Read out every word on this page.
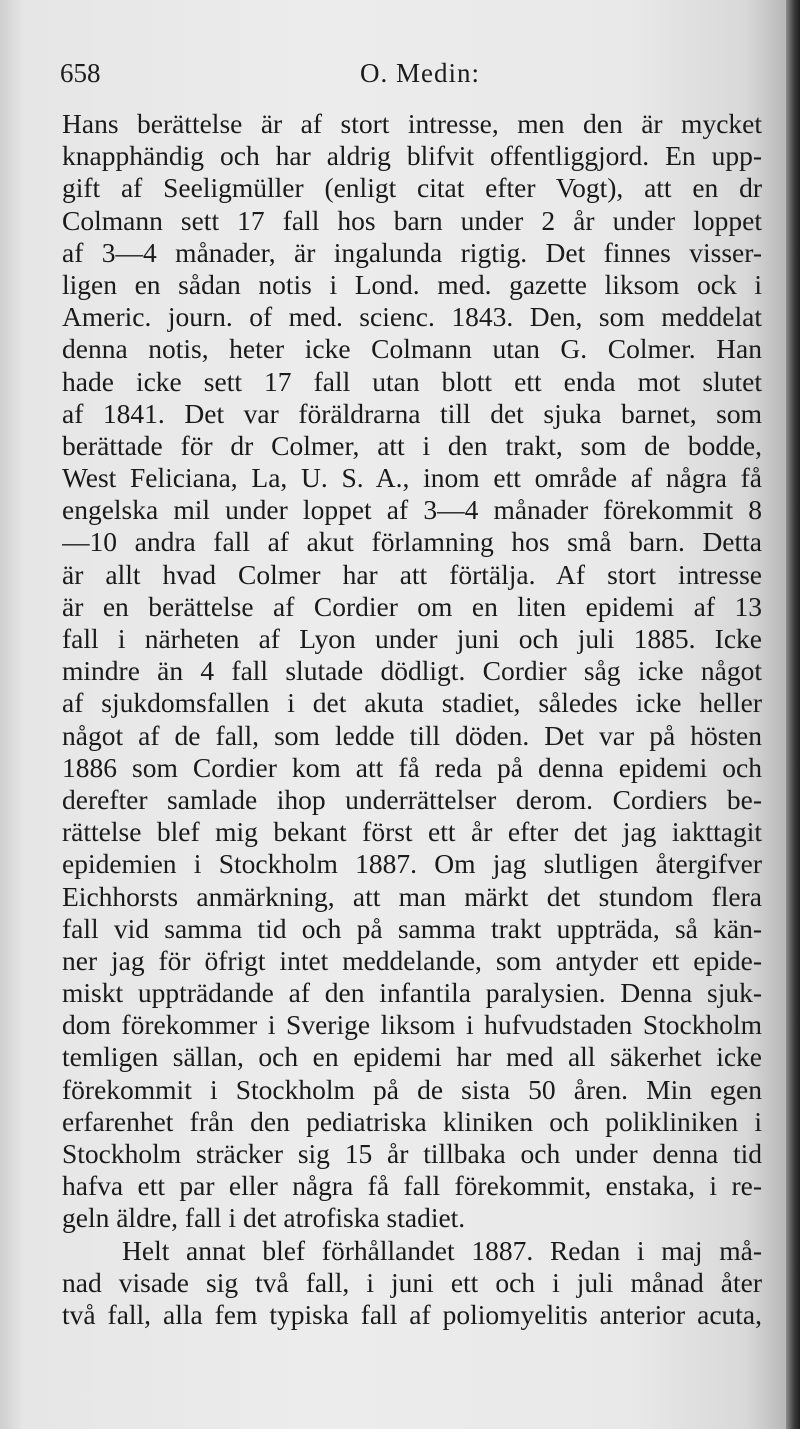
658	O. Medin:
Hans berättelse är af stort intresse, men den är mycket
knapphändig och har aldrig blifvit offentliggjord. En upp-
gift af Seeligmüller (enligt citat efter Vogt), att en dr
Colmann sett 17 fall hos barn under 2 år under loppet
af 3—4 månader, är ingalunda rigtig. Det finnes visser-
ligen en sådan notis i Lond. med. gazette liksom ock i
Americ. journ. of med. scienc. 1843. Den, som meddelat
denna notis, heter icke Colmann utan G. Colmer. Han
hade icke sett 17 fall utan blott ett enda mot slutet
af 1841. Det var föräldrarna till det sjuka barnet, som
berättade för dr Colmer, att i den trakt, som de bodde,
West Feliciana, La, U. S. A., inom ett område af några få
engelska mil under loppet af 3—4 månader förekommit 8
—10 andra fall af akut förlamning hos små barn. Detta
är allt hvad Colmer har att förtälja. Af stort intresse
är en berättelse af Cordier om en liten epidemi af 13
fall i närheten af Lyon under juni och juli 1885. Icke
mindre än 4 fall slutade dödligt. Cordier såg icke något
af sjukdomsfallen i det akuta stadiet, således icke heller
något af de fall, som ledde till döden. Det var på hösten
1886 som Cordier kom att få reda på denna epidemi och
derefter samlade ihop underrättelser derom. Cordiers be-
rättelse blef mig bekant först ett år efter det jag iakttagit
epidemien i Stockholm 1887. Om jag slutligen återgifver
Eichhorsts anmärkning, att man märkt det stundom flera
fall vid samma tid och på samma trakt uppträda, så kän-
ner jag för öfrigt intet meddelande, som antyder ett epide-
miskt uppträdande af den infantila paralysien. Denna sjuk-
dom förekommer i Sverige liksom i hufvudstaden Stockholm
temligen sällan, och en epidemi har med all säkerhet icke
förekommit i Stockholm på de sista 50 åren. Min egen
erfarenhet från den pediatriska kliniken och polikliniken i
Stockholm sträcker sig 15 år tillbaka och under denna tid
hafva ett par eller några få fall förekommit, enstaka, i re-
geln äldre, fall i det atrofiska stadiet.
Helt annat blef förhållandet 1887. Redan i maj må-
nad visade sig två fall, i juni ett och i juli månad åter
två fall, alla fem typiska fall af poliomyelitis anterior acuta,
